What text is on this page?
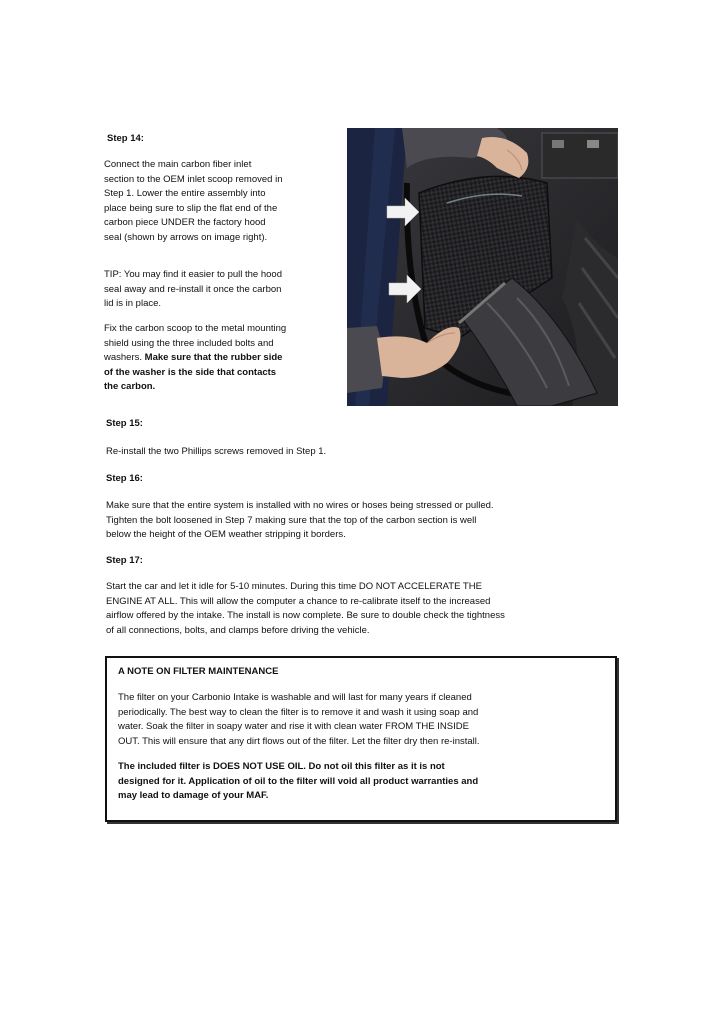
Step 14:
Connect the main carbon fiber inlet section to the OEM inlet scoop removed in Step 1. Lower the entire assembly into place being sure to slip the flat end of the carbon piece UNDER the factory hood seal (shown by arrows on image right).
TIP: You may find it easier to pull the hood seal away and re-install it once the carbon lid is in place.
Fix the carbon scoop to the metal mounting shield using the three included bolts and washers. Make sure that the rubber side of the washer is the side that contacts the carbon.
Step 15:
Re-install the two Phillips screws removed in Step 1.
Step 16:
Make sure that the entire system is installed with no wires or hoses being stressed or pulled. Tighten the bolt loosened in Step 7 making sure that the top of the carbon section is well below the height of the OEM weather stripping it borders.
Step 17:
Start the car and let it idle for 5-10 minutes. During this time DO NOT ACCELERATE THE ENGINE AT ALL. This will allow the computer a chance to re-calibrate itself to the increased airflow offered by the intake. The install is now complete. Be sure to double check the tightness of all connections, bolts, and clamps before driving the vehicle.
A NOTE ON FILTER MAINTENANCE
The filter on your Carbonio Intake is washable and will last for many years if cleaned periodically. The best way to clean the filter is to remove it and wash it using soap and water. Soak the filter in soapy water and rise it with clean water FROM THE INSIDE OUT. This will ensure that any dirt flows out of the filter. Let the filter dry then re-install.
The included filter is DOES NOT USE OIL. Do not oil this filter as it is not designed for it. Application of oil to the filter will void all product warranties and may lead to damage of your MAF.
